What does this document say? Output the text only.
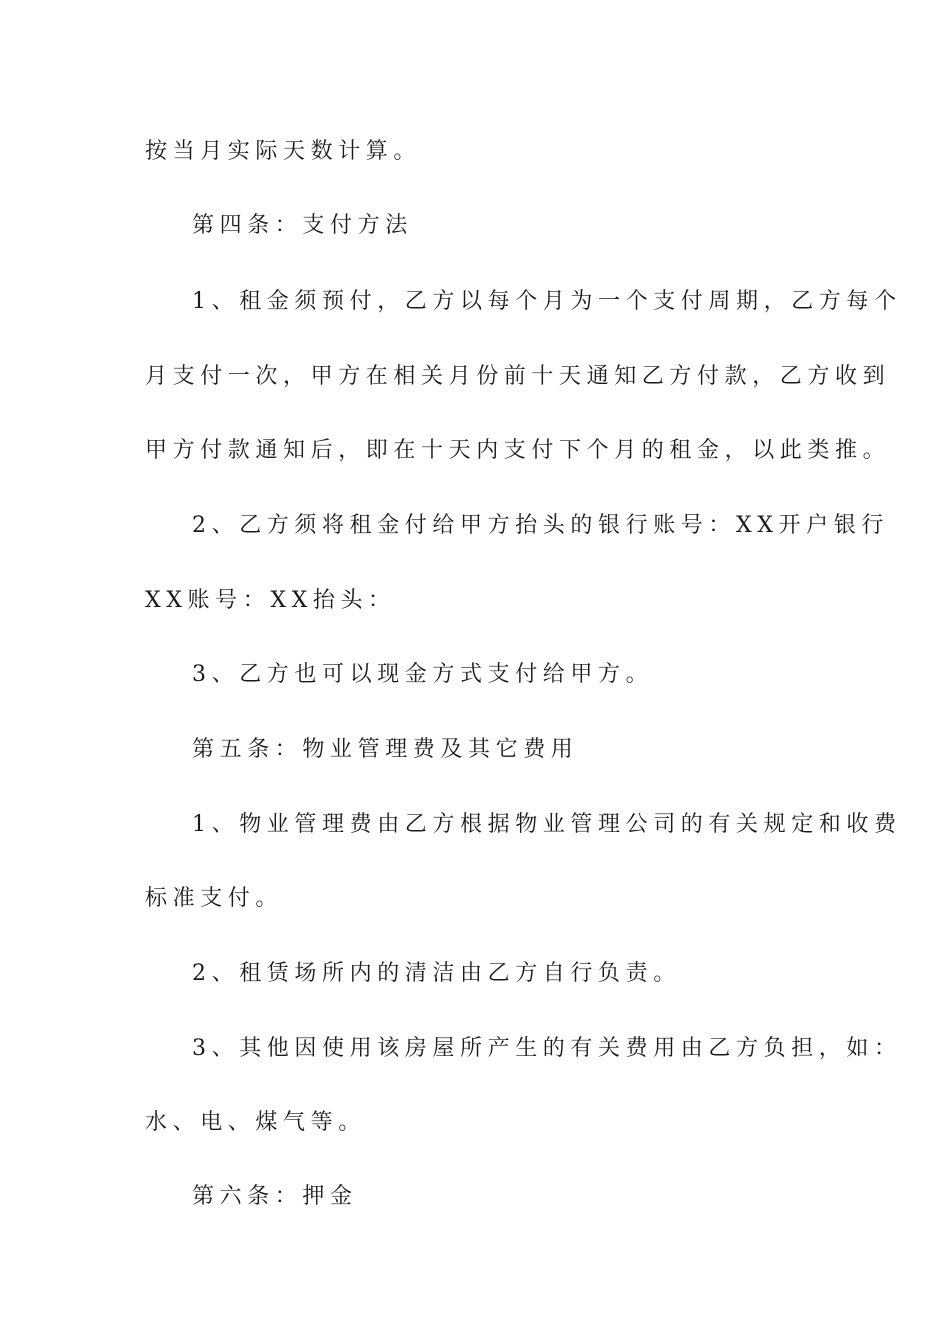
按当月实际天数计算。
第四条：支付方法
1、租金须预付，乙方以每个月为一个支付周期，乙方每个
月支付一次，甲方在相关月份前十天通知乙方付款，乙方收到
甲方付款通知后，即在十天内支付下个月的租金，以此类推。
2、乙方须将租金付给甲方抬头的银行账号：XX开户银行
XX账号：XX抬头：
3、乙方也可以现金方式支付给甲方。
第五条：物业管理费及其它费用
1、物业管理费由乙方根据物业管理公司的有关规定和收费
标准支付。
2、租赁场所内的清洁由乙方自行负责。
3、其他因使用该房屋所产生的有关费用由乙方负担，如：
水、电、煤气等。
第六条：押金
